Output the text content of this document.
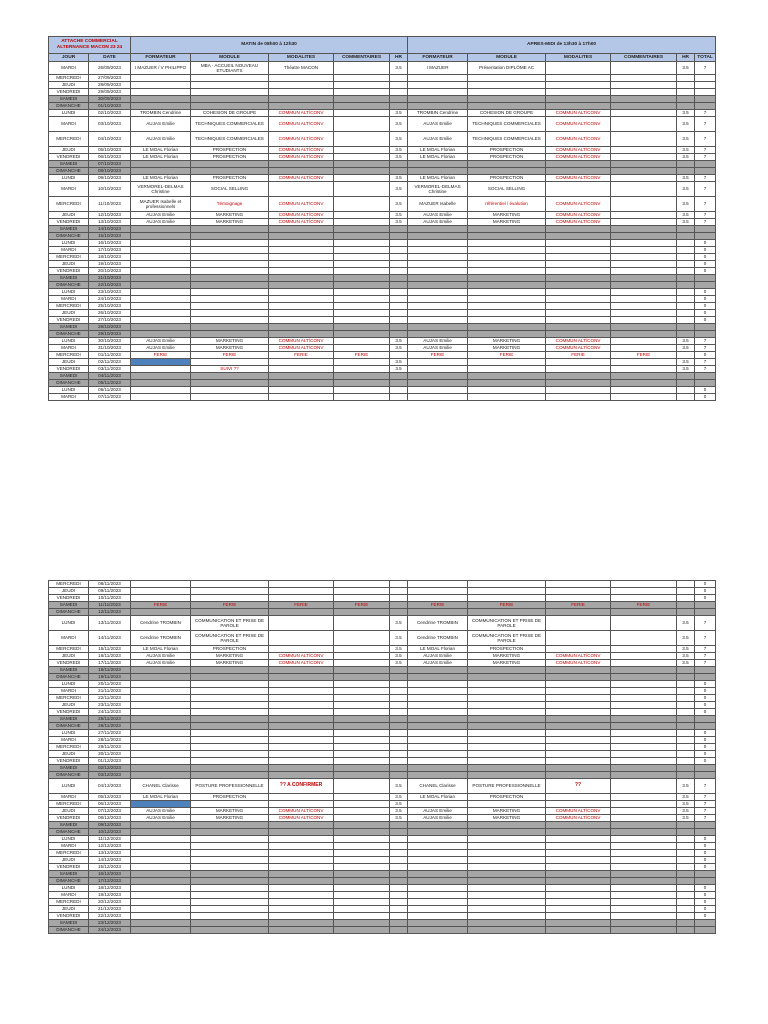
ATTACHE COMMERCIAL ALTERNANCE MACON 23 24		MATIN de 08h00 à 12h30					APRES-MIDI de 13h30 à 17h00					
JOUR	DATE	FORMATEUR	MODULE	MODALITES	COMMENTAIRES	HR	FORMATEUR	MODULE	MODALITES	COMMENTAIRES	HR	TOTAL
MARDI	26/09/2023	I MAZUER / V PHILIPPO	MBA - ACCUEIL NOUVEAU ETUDIANTS	Théatre MACON		3.5	I MAZUER	Présentation DIPLÔME AC			3.5	7
MERCREDI	27/09/2023											
JEUDI	28/09/2023											
VENDREDI	29/09/2023											
SAMEDI	30/09/2023											
DIMANCHE	01/10/2023											
LUNDI	02/10/2023	TROMBIN Cendrine	COHESION DE GROUPE	COMMUN ALT/CONV		3.5	TROMBIN Cendrine	COHESION DE GROUPE	COMMUN ALT/CONV		3.5	7
MARDI	03/10/2023	AUJAS Emilie	TECHNIQUES COMMERCIALES	COMMUN ALT/CONV		3.5	AUJAS Emilie	TECHNIQUES COMMERCIALES	COMMUN ALT/CONV		3.5	7
MERCREDI	04/10/2023	AUJAS Emilie	TECHNIQUES COMMERCIALES	COMMUN ALT/CONV		3.5	AUJAS Emilie	TECHNIQUES COMMERCIALES	COMMUN ALT/CONV		3.5	7
JEUDI	05/10/2023	LE MOAL Florian	PROSPECTION	COMMUN ALT/CONV		3.5	LE MOAL Florian	PROSPECTION	COMMUN ALT/CONV		3.5	7
VENDREDI	06/10/2023	LE MOAL Florian	PROSPECTION	COMMUN ALT/CONV		3.5	LE MOAL Florian	PROSPECTION	COMMUN ALT/CONV		3.5	7
SAMEDI	07/10/2023											
DIMANCHE	08/10/2023											
LUNDI	09/10/2023	LE MOAL Florian	PROSPECTION	COMMUN ALT/CONV		3.5	LE MOAL Florian	PROSPECTION	COMMUN ALT/CONV		3.5	7
MARDI	10/10/2023	VERMOREL-DELMAS Christine	SOCIAL SELLING			3.5	VERMOREL-DELMAS Christine	SOCIAL SELLING			3.5	7
MERCREDI	11/10/2023	MAZUER Isabelle et professionnels	Témoignage	COMMUN ALT/CONV		3.5	MAZUER Isabelle	référentiel / évalution	COMMUN ALT/CONV		3.5	7
JEUDI	12/10/2023	AUJAS Emilie	MARKETING	COMMUN ALT/CONV		3.5	AUJAS Emilie	MARKETING	COMMUN ALT/CONV		3.5	7
VENDREDI	13/10/2023	AUJAS Emilie	MARKETING	COMMUN ALT/CONV		3.5	AUJAS Emilie	MARKETING	COMMUN ALT/CONV		3.5	7
SAMEDI	14/10/2023											
DIMANCHE	15/10/2023											
LUNDI	16/10/2023											0
MARDI	17/10/2023											0
MERCREDI	18/10/2023											0
JEUDI	19/10/2023											0
VENDREDI	20/10/2023											0
SAMEDI	21/10/2023											
DIMANCHE	22/10/2023											
LUNDI	23/10/2023											0
MARDI	24/10/2023											0
MERCREDI	25/10/2023											0
JEUDI	26/10/2023											0
VENDREDI	27/10/2023											0
SAMEDI	28/10/2023											
DIMANCHE	29/10/2023											
LUNDI	30/10/2023	AUJAS Emilie	MARKETING	COMMUN ALT/CONV		3.5	AUJAS Emilie	MARKETING	COMMUN ALT/CONV		3.5	7
MARDI	31/10/2023	AUJAS Emilie	MARKETING	COMMUN ALT/CONV		3.5	AUJAS Emilie	MARKETING	COMMUN ALT/CONV		3.5	7
MERCREDI	01/11/2023	FERIE	FERIE	FERIE	FERIE		FERIE	FERIE	FERIE	FERIE		0
JEUDI	02/11/2023					3.5					3.5	7
VENDREDI	03/11/2023		SUIVI ??			3.5					3.5	7
SAMEDI	04/11/2023											
DIMANCHE	05/11/2023											
LUNDI	06/11/2023											0
MARDI	07/11/2023											0
MERCREDI	08/11/2023											0
JEUDI	09/11/2023											0
VENDREDI	10/11/2023											0
SAMEDI	11/11/2023	FERIE	FERIE	FERIE	FERIE		FERIE	FERIE	FERIE	FERIE		
DIMANCHE	12/11/2023											
LUNDI	13/11/2023	Cendrine TROMBIN	COMMUNICATION ET PRISE DE PAROLE			3.5	Cendrine TROMBIN	COMMUNICATION ET PRISE DE PAROLE			3.5	7
MARDI	14/11/2023	Cendrine TROMBIN	COMMUNICATION ET PRISE DE PAROLE			3.5	Cendrine TROMBIN	COMMUNICATION ET PRISE DE PAROLE			3.5	7
MERCREDI	15/11/2023	LE MOAL Florian	PROSPECTION			3.5	LE MOAL Florian	PROSPECTION			3.5	7
JEUDI	16/11/2023	AUJAS Emilie	MARKETING	COMMUN ALT/CONV		3.5	AUJAS Emilie	MARKETING	COMMUN ALT/CONV		3.5	7
VENDREDI	17/11/2023	AUJAS Emilie	MARKETING	COMMUN ALT/CONV		3.5	AUJAS Emilie	MARKETING	COMMUN ALT/CONV		3.5	7
SAMEDI	18/11/2023											
DIMANCHE	19/11/2023											
LUNDI	20/11/2023											0
MARDI	21/11/2023											0
MERCREDI	22/11/2023											0
JEUDI	23/11/2023											0
VENDREDI	24/11/2023											0
SAMEDI	25/11/2023											
DIMANCHE	26/11/2023											
LUNDI	27/11/2023											0
MARDI	28/11/2023											0
MERCREDI	29/11/2023											0
JEUDI	30/11/2023											0
VENDREDI	01/12/2023											0
SAMEDI	02/12/2023											
DIMANCHE	03/12/2023											
LUNDI	04/12/2023	CHANEL Clarisse	POSTURE PROFESSIONNELLE	?? A CONFIRMER		3.5	CHANEL Clarisse	POSTURE PROFESSIONNELLE	??		3.5	7
MARDI	05/12/2023	LE MOAL Florian	PROSPECTION			3.5	LE MOAL Florian	PROSPECTION			3.5	7
MERCREDI	06/12/2023					3.5					3.5	7
JEUDI	07/12/2023	AUJAS Emilie	MARKETING	COMMUN ALT/CONV		3.5	AUJAS Emilie	MARKETING	COMMUN ALT/CONV		3.5	7
VENDREDI	08/12/2023	AUJAS Emilie	MARKETING	COMMUN ALT/CONV		3.5	AUJAS Emilie	MARKETING	COMMUN ALT/CONV		3.5	7
SAMEDI	09/12/2023											
DIMANCHE	10/12/2023											
LUNDI	11/12/2023											0
MARDI	12/12/2023											0
MERCREDI	13/12/2023											0
JEUDI	14/12/2023											0
VENDREDI	15/12/2023											0
SAMEDI	16/12/2023											
DIMANCHE	17/12/2023											
LUNDI	18/12/2023											0
MARDI	19/12/2023											0
MERCREDI	20/12/2023											0
JEUDI	21/12/2023											0
VENDREDI	22/12/2023											0
SAMEDI	23/12/2023											
DIMANCHE	24/12/2023											
